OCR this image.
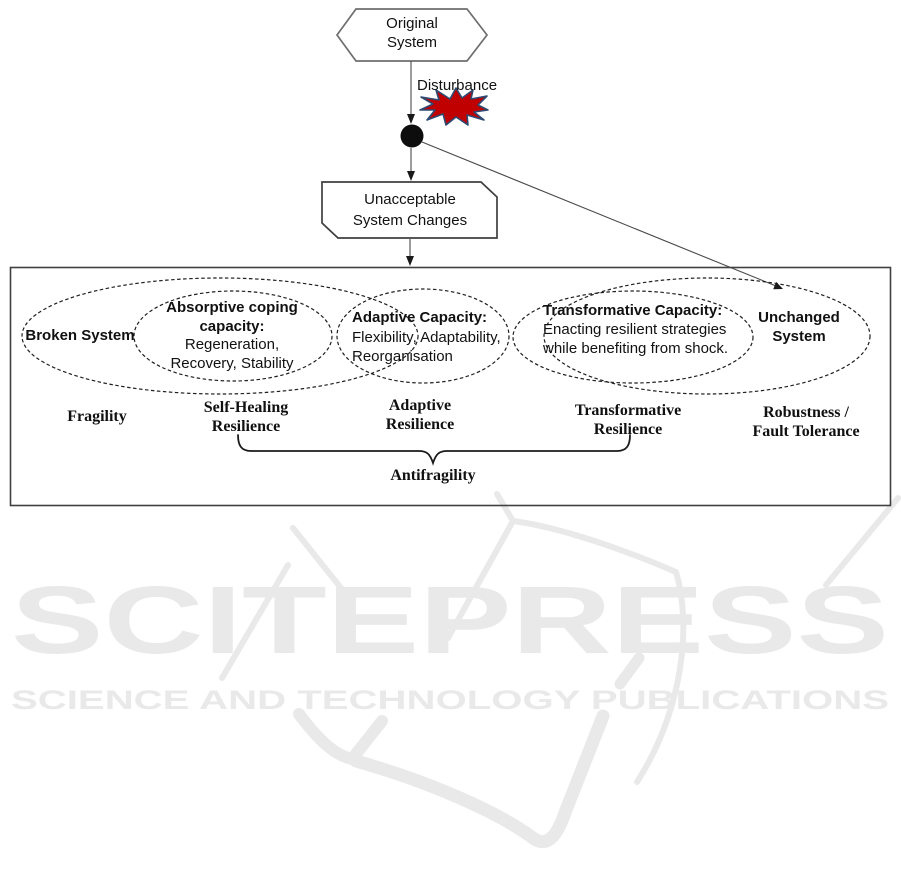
SCITEPRESS
SCIENCE AND TECHNOLOGY PUBLICATIONS
Original
System
Disturbance
Unacceptable
System Changes
Broken System
Absorptive coping
capacity:
Regeneration,
Recovery, Stability
Adaptive Capacity:
Flexibility, Adaptability,
Reorganisation
Transformative Capacity:
Enacting resilient strategies
while benefiting from shock.
Unchanged
System
Fragility
Self-Healing
Resilience
Adaptive
Resilience
Transformative
Resilience
Robustness /
Fault Tolerance
Antifragility
